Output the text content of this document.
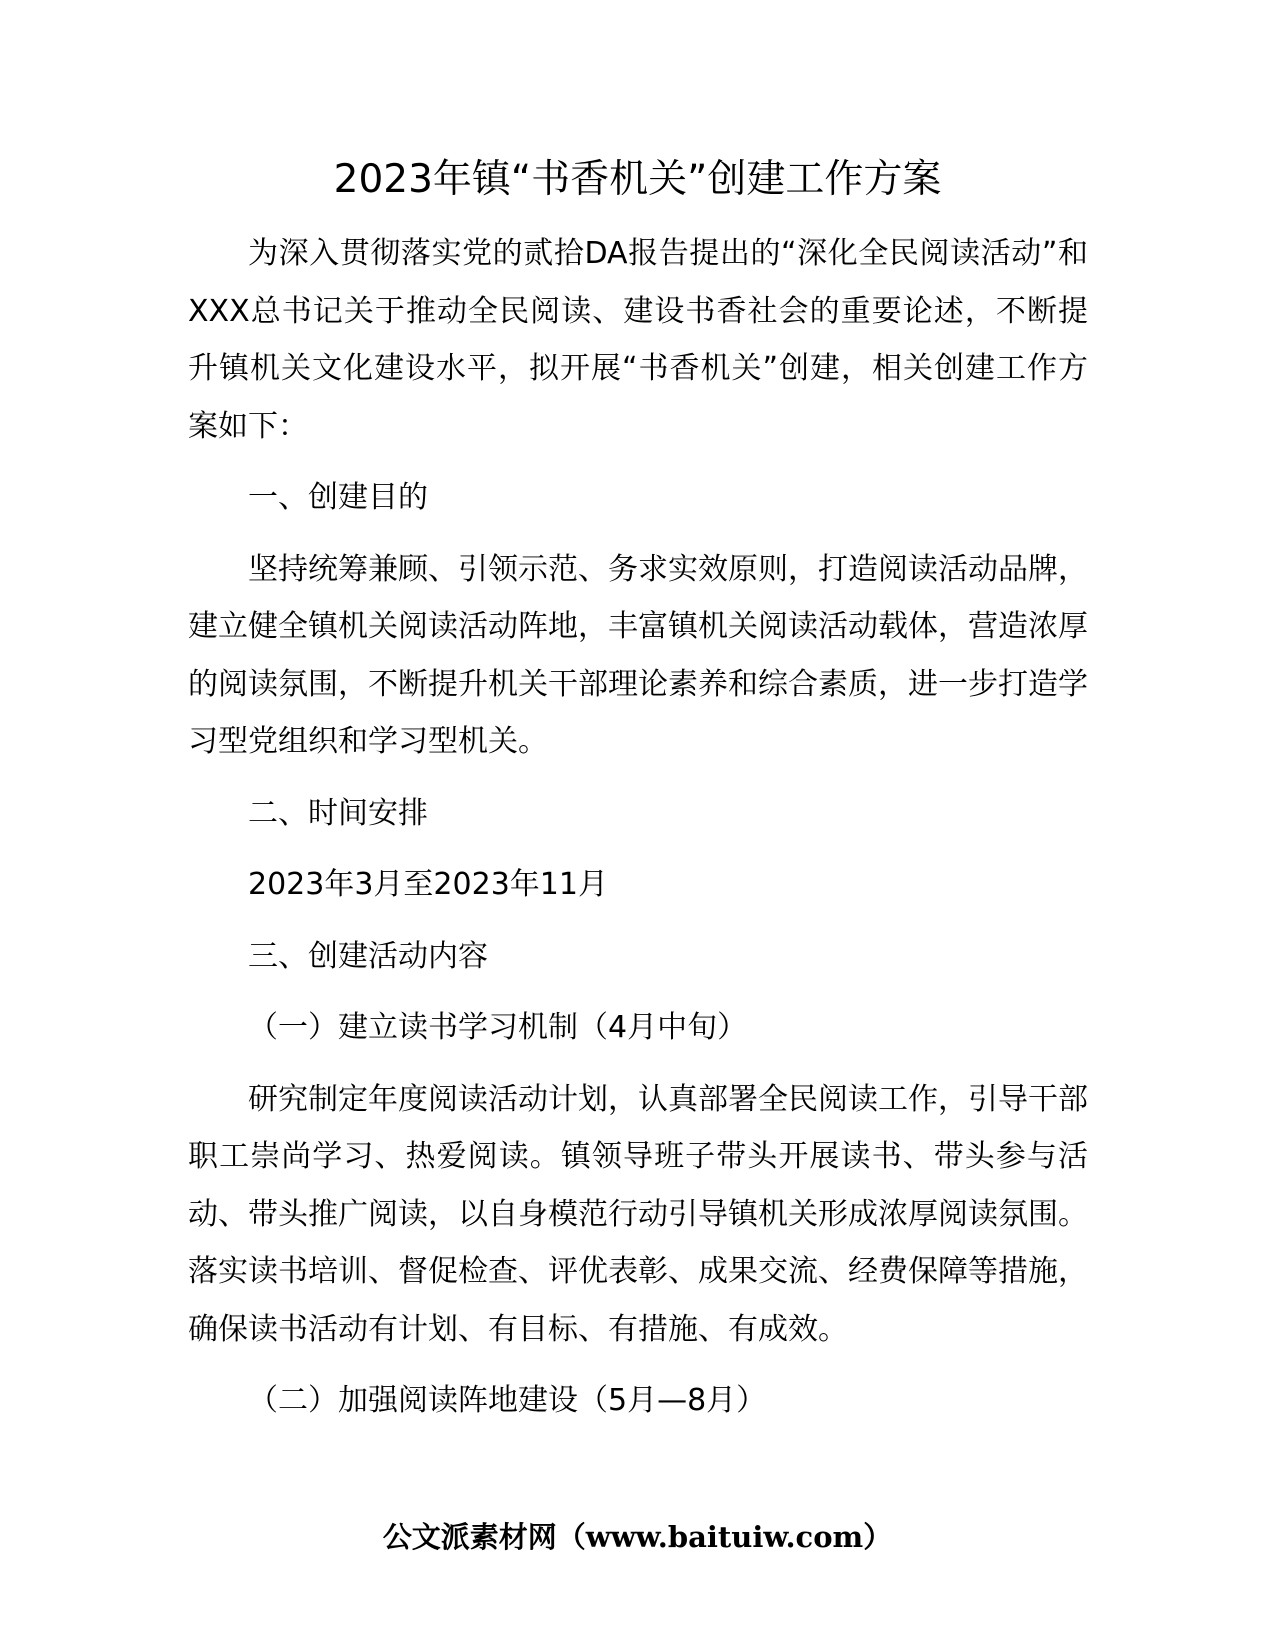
2023年镇“书香机关”创建工作方案

为深入贯彻落实党的贰拾DA报告提出的“深化全民阅读活动”和XXX总书记关于推动全民阅读、建设书香社会的重要论述，不断提升镇机关文化建设水平，拟开展“书香机关”创建，相关创建工作方案如下：

一、创建目的

坚持统筹兼顾、引领示范、务求实效原则，打造阅读活动品牌，建立健全镇机关阅读活动阵地，丰富镇机关阅读活动载体，营造浓厚的阅读氛围，不断提升机关干部理论素养和综合素质，进一步打造学习型党组织和学习型机关。

二、时间安排

2023年3月至2023年11月

三、创建活动内容

（一）建立读书学习机制（4月中旬）

研究制定年度阅读活动计划，认真部署全民阅读工作，引导干部职工崇尚学习、热爱阅读。镇领导班子带头开展读书、带头参与活动、带头推广阅读，以自身模范行动引导镇机关形成浓厚阅读氛围。落实读书培训、督促检查、评优表彰、成果交流、经费保障等措施，确保读书活动有计划、有目标、有措施、有成效。

（二）加强阅读阵地建设（5月—8月）

公文派素材网（www.baituiw.com）
